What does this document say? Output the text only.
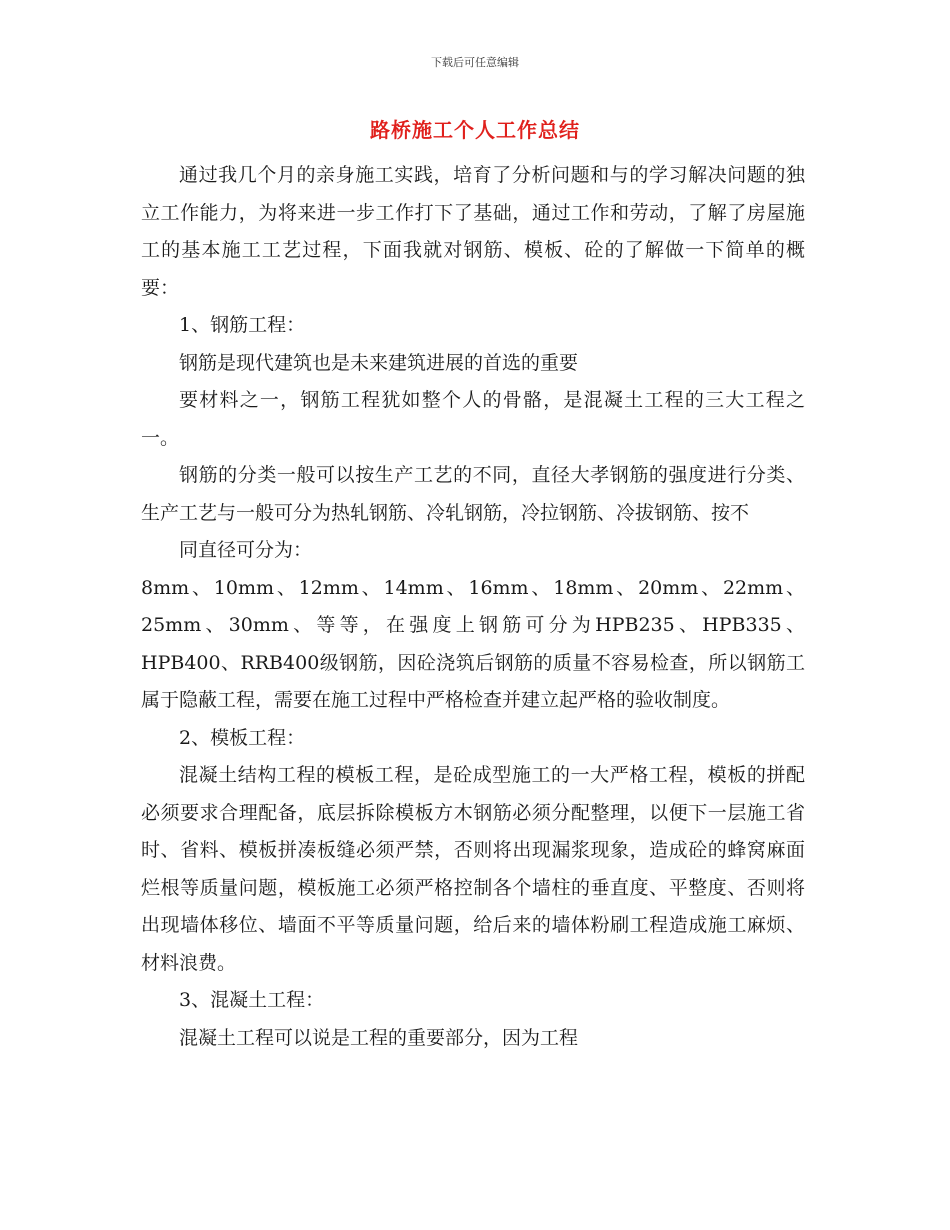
下载后可任意编辑
路桥施工个人工作总结

通过我几个月的亲身施工实践，培育了分析问题和与的学习解决问题的独立工作能力，为将来进一步工作打下了基础，通过工作和劳动，了解了房屋施工的基本施工工艺过程，下面我就对钢筋、模板、砼的了解做一下简单的概要：

1、钢筋工程：

钢筋是现代建筑也是未来建筑进展的首选的重要

要材料之一，钢筋工程犹如整个人的骨骼，是混凝土工程的三大工程之一。

钢筋的分类一般可以按生产工艺的不同，直径大孝钢筋的强度进行分类、生产工艺与一般可分为热轧钢筋、冷轧钢筋，冷拉钢筋、冷拔钢筋、按不

同直径可分为：

8mm、10mm、12mm、14mm、16mm、18mm、20mm、22mm、25mm、30mm、等等，在强度上钢筋可分为HPB235、HPB335、HPB400、RRB400级钢筋，因砼浇筑后钢筋的质量不容易检查，所以钢筋工属于隐蔽工程，需要在施工过程中严格检查并建立起严格的验收制度。

2、模板工程：

混凝土结构工程的模板工程，是砼成型施工的一大严格工程，模板的拼配必须要求合理配备，底层拆除模板方木钢筋必须分配整理，以便下一层施工省时、省料、模板拼凑板缝必须严禁，否则将出现漏浆现象，造成砼的蜂窝麻面烂根等质量问题，模板施工必须严格控制各个墙柱的垂直度、平整度、否则将出现墙体移位、墙面不平等质量问题，给后来的墙体粉刷工程造成施工麻烦、材料浪费。

3、混凝土工程：

混凝土工程可以说是工程的重要部分，因为工程
